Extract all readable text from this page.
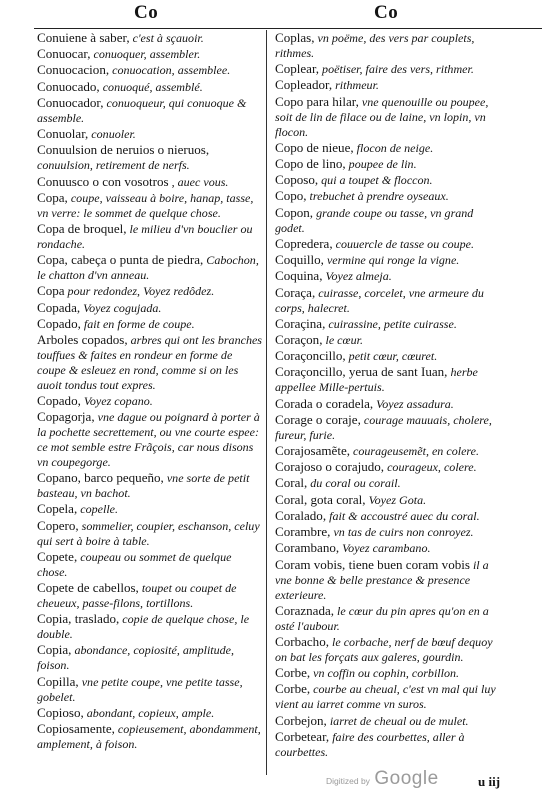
Co	Co
Conuiene à saber, c'est à sçauoir.
Conuocar, conuoquer, assembler.
Conuocacion, conuocation, assemblee.
Conuocado, conuoqué, assemblé.
Conuocador, conuoqueur, qui conuoque & assemble.
Conuolar, conuoler.
Conuulsion de neruios o nieruos, conuulsion, retirement de nerfs.
Conuusco o con vosotros , auec vous.
Copa, coupe, vaisseau à boire, hanap, tasse, vn verre: le sommet de quelque chose.
Copa de broquel, le milieu d'vn bouclier ou rondache.
Copa, cabeça o punta de piedra, Cabochon, le chatton d'vn anneau.
Copa pour redondez, Voyez redôdez.
Copada, Voyez cogujada.
Copado, fait en forme de coupe.
Arboles copados, arbres qui ont les branches touffues & faites en rondeur en forme de coupe & esleuez en rond, comme si on les auoit tondus tout expres.
Copado, Voyez copano.
Copagorja, vne dague ou poignard à porter à la pochette secrettement, ou vne courte espee: ce mot semble estre Frãçois, car nous disons vn coupegorge.
Copano, barco pequeño, vne sorte de petit basteau, vn bachot.
Copela, copelle.
Copero, sommelier, coupier, eschanson, celuy qui sert à boire à table.
Copete, coupeau ou sommet de quelque chose.
Copete de cabellos, toupet ou coupet de cheueux, passe-filons, tortillons.
Copia, traslado, copie de quelque chose, le double.
Copia, abondance, copiosité, amplitude, foison.
Copilla, vne petite coupe, vne petite tasse, gobelet.
Copioso, abondant, copieux, ample.
Copiosamente, copieusement, abondamment, amplement, à foison.
Coplas, vn poëme, des vers par couplets, rithmes.
Coplear, poëtiser, faire des vers, rithmer.
Copleador, rithmeur.
Copo para hilar, vne quenouille ou poupee, soit de lin de filace ou de laine, vn lopin, vn flocon.
Copo de nieue, flocon de neige.
Copo de lino, poupee de lin.
Coposo, qui a toupet & floccon.
Copo, trebuchet à prendre oyseaux.
Copon, grande coupe ou tasse, vn grand godet.
Copredera, couuercle de tasse ou coupe.
Coquillo, vermine qui ronge la vigne.
Coquina, Voyez almeja.
Coraça, cuirasse, corcelet, vne armeure du corps, halecret.
Coraçina, cuirassine, petite cuirasse.
Coraçon, le cœur.
Coraçoncillo, petit cœur, cœuret.
Coraçoncillo, yerua de sant Iuan, herbe appellee Mille-pertuis.
Corada o coradela, Voyez assadura.
Corage o coraje, courage mauuais, cholere, fureur, furie.
Corajosamẽte, courageusemẽt, en colere.
Corajoso o corajudo, courageux, colere.
Coral, du coral ou corail.
Coral, gota coral, Voyez Gota.
Coralado, fait & accoustré auec du coral.
Corambre, vn tas de cuirs non conroyez.
Corambano, Voyez carambano.
Coram vobis, tiene buen coram vobis il a vne bonne & belle prestance & presence exterieure.
Coraznada, le cœur du pin apres qu'on en a osté l'aubour.
Corbacho, le corbache, nerf de bœuf dequoy on bat les forçats aux galeres, gourdin.
Corbe, vn coffin ou cophin, corbillon.
Corbe, courbe au cheual, c'est vn mal qui luy vient au iarret comme vn suros.
Corbejon, iarret de cheual ou de mulet.
Corbetear, faire des courbettes, aller à courbettes.
Digitized by Google	u iij
